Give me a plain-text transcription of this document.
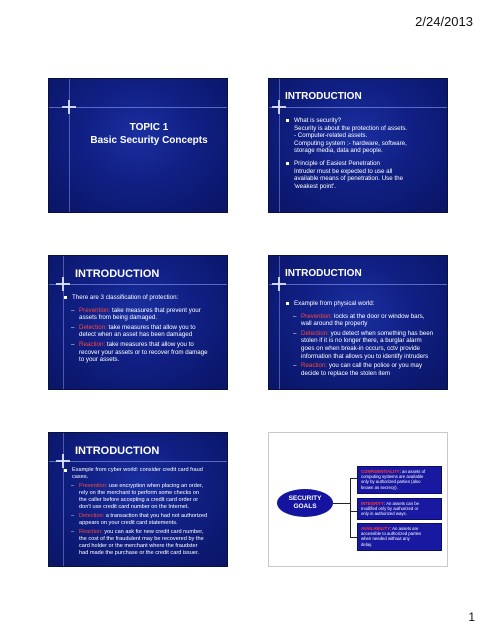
2/24/2013
TOPIC 1
Basic Security Concepts
INTRODUCTION
What is security?
Security is about the protection of assets.
- Computer-related assets.
Computing system :- hardware, software,
storage media, data and people.
Principle of Easiest Penetration
Intruder must be expected to use all
available means of penetration. Use the
'weakest point'.
INTRODUCTION
There are 3 classification of protection:
– Prevention: take measures that prevent your
assets from being damaged.
– Detection: take measures that allow you to
detect when an asset has been damaged
– Reaction: take measures that allow you to
recover your assets or to recover from damage
to your assets.
INTRODUCTION
Example from physical world:
– Prevention: locks at the door or window bars,
wall around the property
– Detection: you detect when something has been
stolen if it is no longer there, a burglar alarm
goes on when break-in occurs, cctv provide
information that allows you to identify intruders
– Reaction: you can call the police or you may
decide to replace the stolen item
INTRODUCTION
Example from cyber world: consider credit card fraud
cases.
– Prevention: use encryption when placing an order,
rely on the merchant to perform some checks on
the caller before accepting a credit card order or
don't use credit card number on the Internet.
– Detection: a transaction that you had not authorized
appears on your credit card statements.
– Reaction: you can ask for new credit card number,
the cost of the fraudulent may be recovered by the
card holder or the merchant where the fraudster
had made the purchase or the credit card issuer.
SECURITY
GOALS
CONFIDENTIALITY: an assets of
computing systems are available
only by authorized parties (also
known as secrecy).
INTEGRITY: An assets can be
modified only by authorized or
only in authorized ways.
AVAILABILITY: An assets are
accessible to authorized parties
when needed without any
delay.
1
